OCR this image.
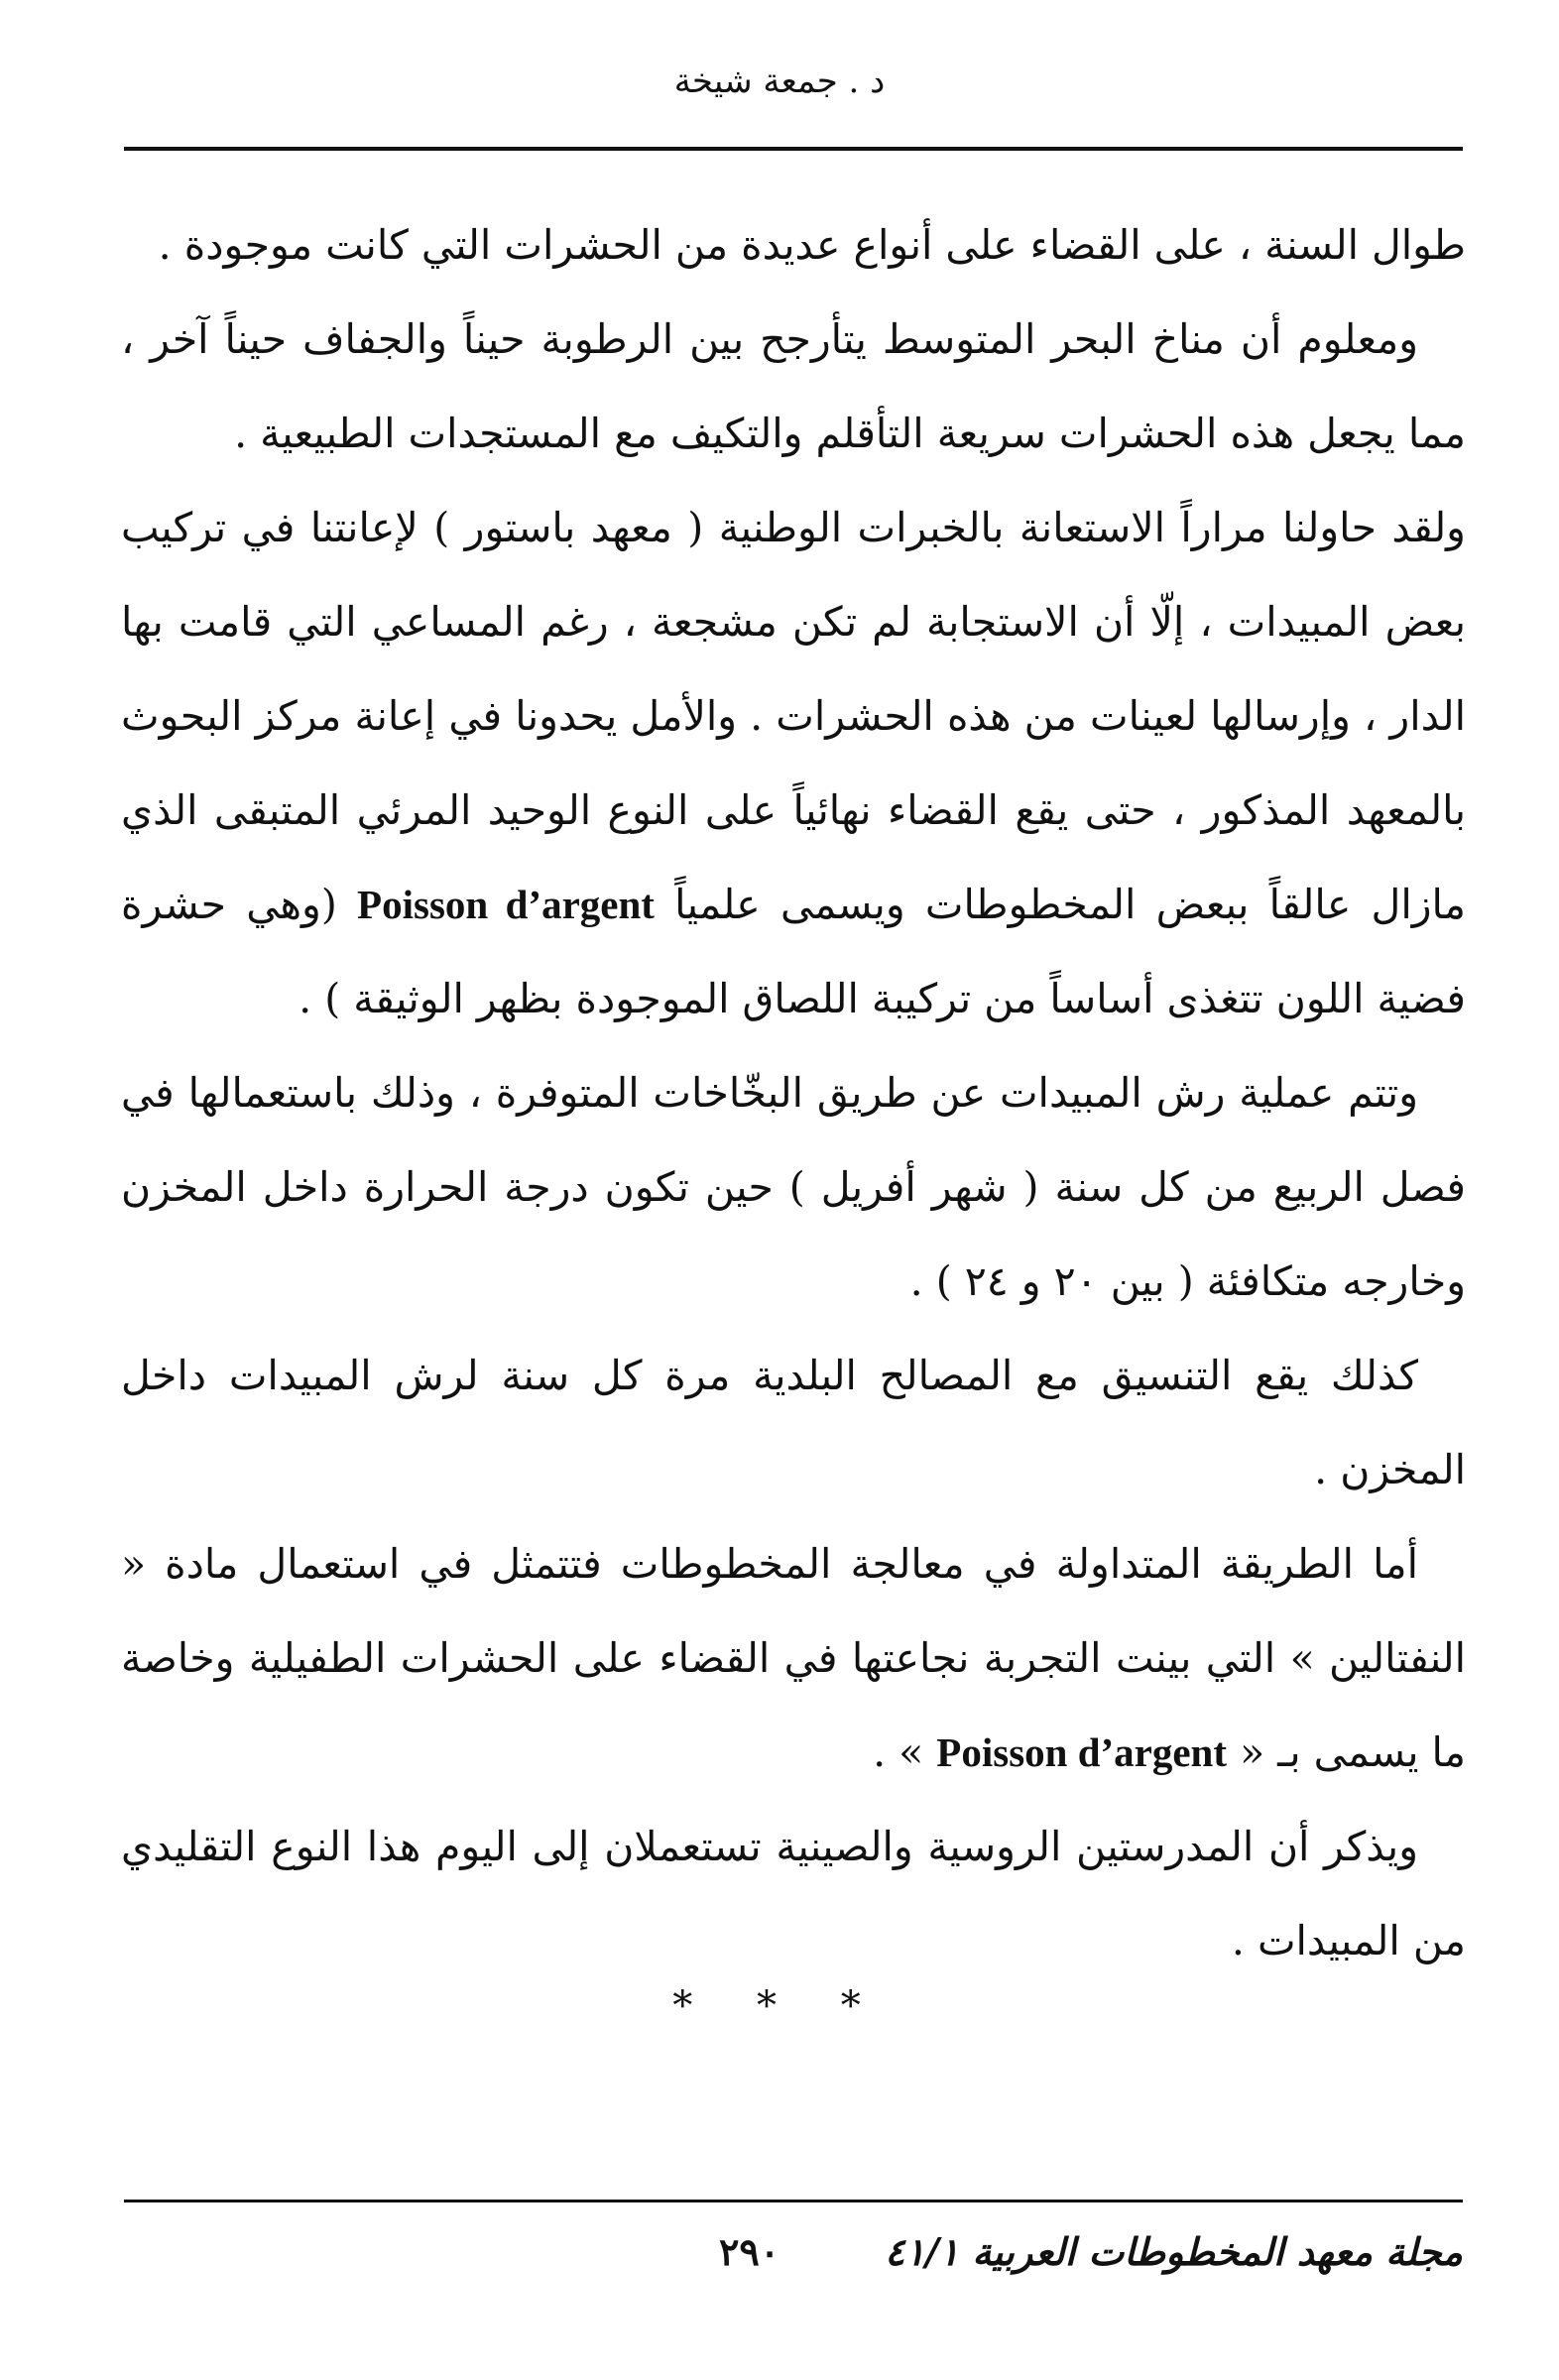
د . جمعة شيخة

طوال السنة ، على القضاء على أنواع عديدة من الحشرات التي كانت موجودة .

ومعلوم أن مناخ البحر المتوسط يتأرجح بين الرطوبة حيناً والجفاف حيناً آخر ، مما يجعل هذه الحشرات سريعة التأقلم والتكيف مع المستجدات الطبيعية .

ولقد حاولنا مراراً الاستعانة بالخبرات الوطنية ( معهد باستور ) لإعانتنا في تركيب بعض المبيدات ، إلّا أن الاستجابة لم تكن مشجعة ، رغم المساعي التي قامت بها الدار ، وإرسالها لعينات من هذه الحشرات . والأمل يحدونا في إعانة مركز البحوث بالمعهد المذكور ، حتى يقع القضاء نهائياً على النوع الوحيد المرئي المتبقى الذي مازال عالقاً ببعض المخطوطات ويسمى علمياً Poisson d’argent (وهي حشرة فضية اللون تتغذى أساساً من تركيبة اللصاق الموجودة بظهر الوثيقة ) .

وتتم عملية رش المبيدات عن طريق البخّاخات المتوفرة ، وذلك باستعمالها في فصل الربيع من كل سنة ( شهر أفريل ) حين تكون درجة الحرارة داخل المخزن وخارجه متكافئة ( بين ٢٠ و ٢٤ ) .

كذلك يقع التنسيق مع المصالح البلدية مرة كل سنة لرش المبيدات داخل المخزن .

أما الطريقة المتداولة في معالجة المخطوطات فتتمثل في استعمال مادة « النفتالين » التي بينت التجربة نجاعتها في القضاء على الحشرات الطفيلية وخاصة ما يسمى بـ « Poisson d’argent » .

ويذكر أن المدرستين الروسية والصينية تستعملان إلى اليوم هذا النوع التقليدي من المبيدات .

* * *
مجلة معهد المخطوطات العربية ٤١/١
٢٩٠
